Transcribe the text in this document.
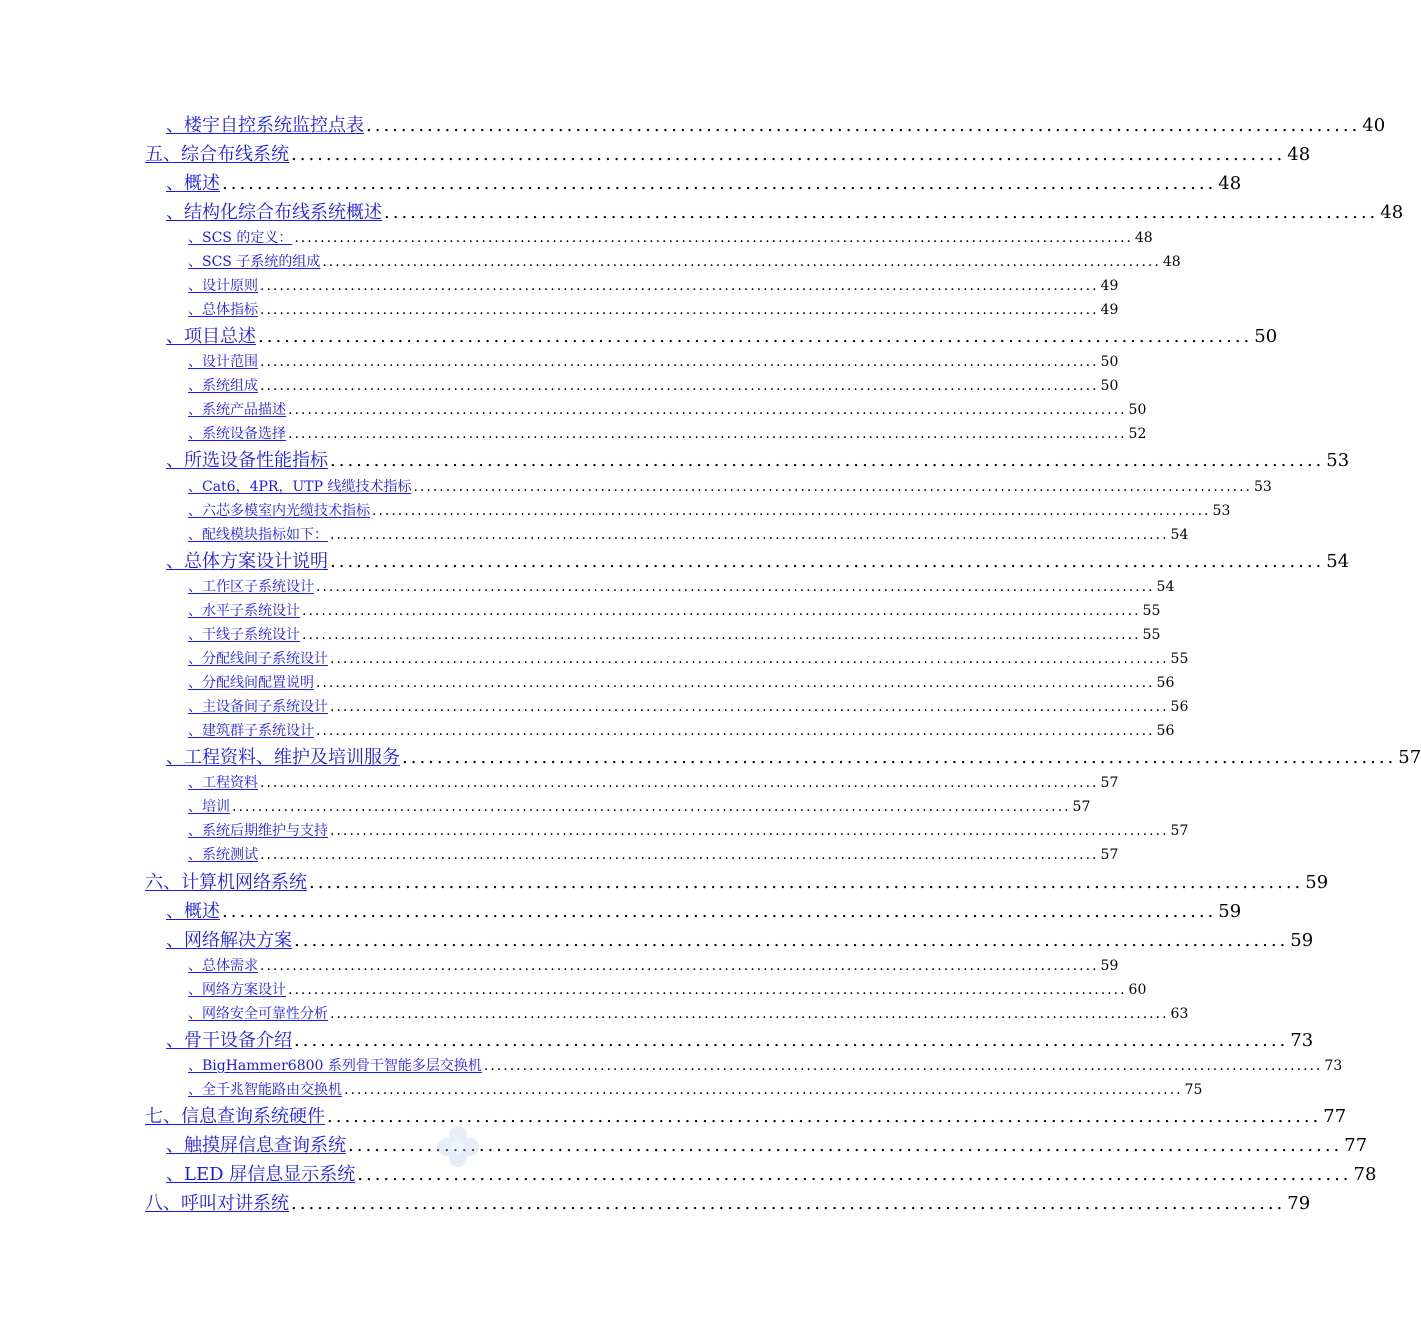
、楼宇自控系统监控点表 .................................................................................................................. 40
五、综合布线系统 .................................................................................................................. 48
、概述 .................................................................................................................. 48
、结构化综合布线系统概述 .................................................................................................................. 48
、SCS 的定义： .................................................................................................................................. 48
、SCS 子系统的组成 .................................................................................................................................. 48
、设计原则 .................................................................................................................................. 49
、总体指标 .................................................................................................................................. 49
、项目总述 .................................................................................................................. 50
、设计范围 .................................................................................................................................. 50
、系统组成 .................................................................................................................................. 50
、系统产品描述 .................................................................................................................................. 50
、系统设备选择 .................................................................................................................................. 52
、所选设备性能指标 .................................................................................................................. 53
、Cat6，4PR，UTP 线缆技术指标 .................................................................................................................................. 53
、六芯多模室内光缆技术指标 .................................................................................................................................. 53
、配线模块指标如下： .................................................................................................................................. 54
、总体方案设计说明 .................................................................................................................. 54
、工作区子系统设计 .................................................................................................................................. 54
、水平子系统设计 .................................................................................................................................. 55
、干线子系统设计 .................................................................................................................................. 55
、分配线间子系统设计 .................................................................................................................................. 55
、分配线间配置说明 .................................................................................................................................. 56
、主设备间子系统设计 .................................................................................................................................. 56
、建筑群子系统设计 .................................................................................................................................. 56
、工程资料、维护及培训服务 .................................................................................................................. 57
、工程资料 .................................................................................................................................. 57
、培训 .................................................................................................................................. 57
、系统后期维护与支持 .................................................................................................................................. 57
、系统测试 .................................................................................................................................. 57
六、计算机网络系统 .................................................................................................................. 59
、概述 .................................................................................................................. 59
、网络解决方案 .................................................................................................................. 59
、总体需求 .................................................................................................................................. 59
、网络方案设计 .................................................................................................................................. 60
、网络安全可靠性分析 .................................................................................................................................. 63
、骨干设备介绍 .................................................................................................................. 73
、BigHammer6800 系列骨干智能多层交换机 .................................................................................................................................. 73
、全千兆智能路由交换机 .................................................................................................................................. 75
七、信息查询系统硬件 .................................................................................................................. 77
、触摸屏信息查询系统 .................................................................................................................. 77
、LED 屏信息显示系统 .................................................................................................................. 78
八、呼叫对讲系统 .................................................................................................................. 79
